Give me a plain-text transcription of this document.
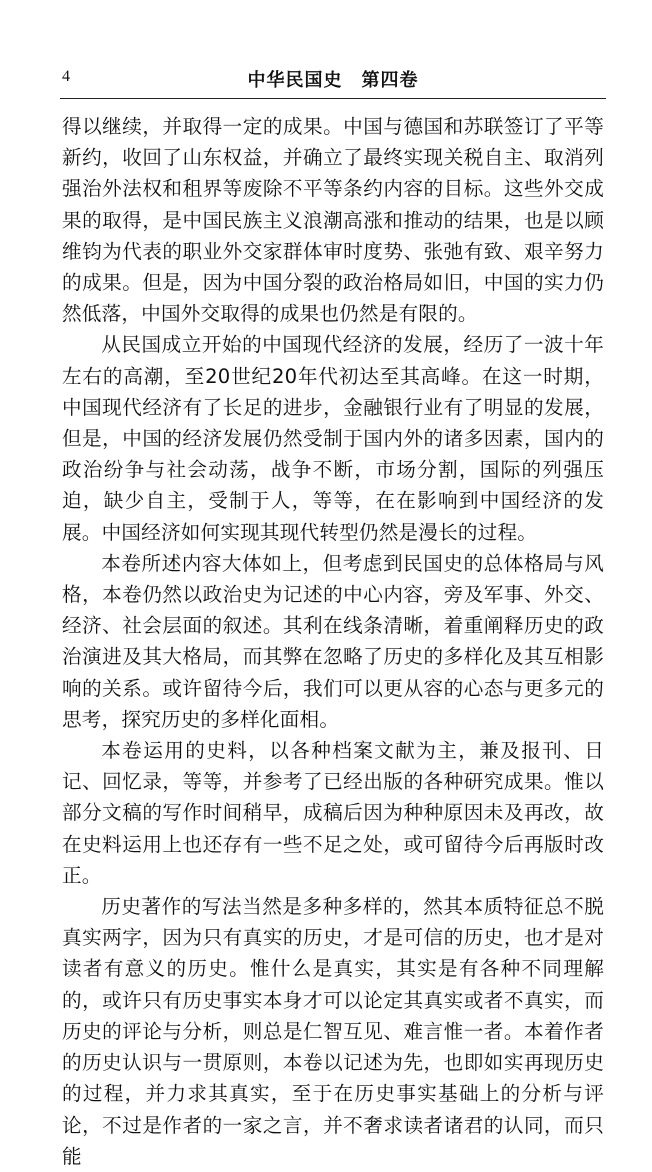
4	中华民国史　第四卷

得以继续，并取得一定的成果。中国与德国和苏联签订了平等新约，收回了山东权益，并确立了最终实现关税自主、取消列强治外法权和租界等废除不平等条约内容的目标。这些外交成果的取得，是中国民族主义浪潮高涨和推动的结果，也是以顾维钧为代表的职业外交家群体审时度势、张弛有致、艰辛努力的成果。但是，因为中国分裂的政治格局如旧，中国的实力仍然低落，中国外交取得的成果也仍然是有限的。

从民国成立开始的中国现代经济的发展，经历了一波十年左右的高潮，至20世纪20年代初达至其高峰。在这一时期，中国现代经济有了长足的进步，金融银行业有了明显的发展，但是，中国的经济发展仍然受制于国内外的诸多因素，国内的政治纷争与社会动荡，战争不断，市场分割，国际的列强压迫，缺少自主，受制于人，等等，在在影响到中国经济的发展。中国经济如何实现其现代转型仍然是漫长的过程。

本卷所述内容大体如上，但考虑到民国史的总体格局与风格，本卷仍然以政治史为记述的中心内容，旁及军事、外交、经济、社会层面的叙述。其利在线条清晰，着重阐释历史的政治演进及其大格局，而其弊在忽略了历史的多样化及其互相影响的关系。或许留待今后，我们可以更从容的心态与更多元的思考，探究历史的多样化面相。

本卷运用的史料，以各种档案文献为主，兼及报刊、日记、回忆录，等等，并参考了已经出版的各种研究成果。惟以部分文稿的写作时间稍早，成稿后因为种种原因未及再改，故在史料运用上也还存有一些不足之处，或可留待今后再版时改正。

历史著作的写法当然是多种多样的，然其本质特征总不脱真实两字，因为只有真实的历史，才是可信的历史，也才是对读者有意义的历史。惟什么是真实，其实是有各种不同理解的，或许只有历史事实本身才可以论定其真实或者不真实，而历史的评论与分析，则总是仁智互见、难言惟一者。本着作者的历史认识与一贯原则，本卷以记述为先，也即如实再现历史的过程，并力求其真实，至于在历史事实基础上的分析与评论，不过是作者的一家之言，并不奢求读者诸君的认同，而只能
